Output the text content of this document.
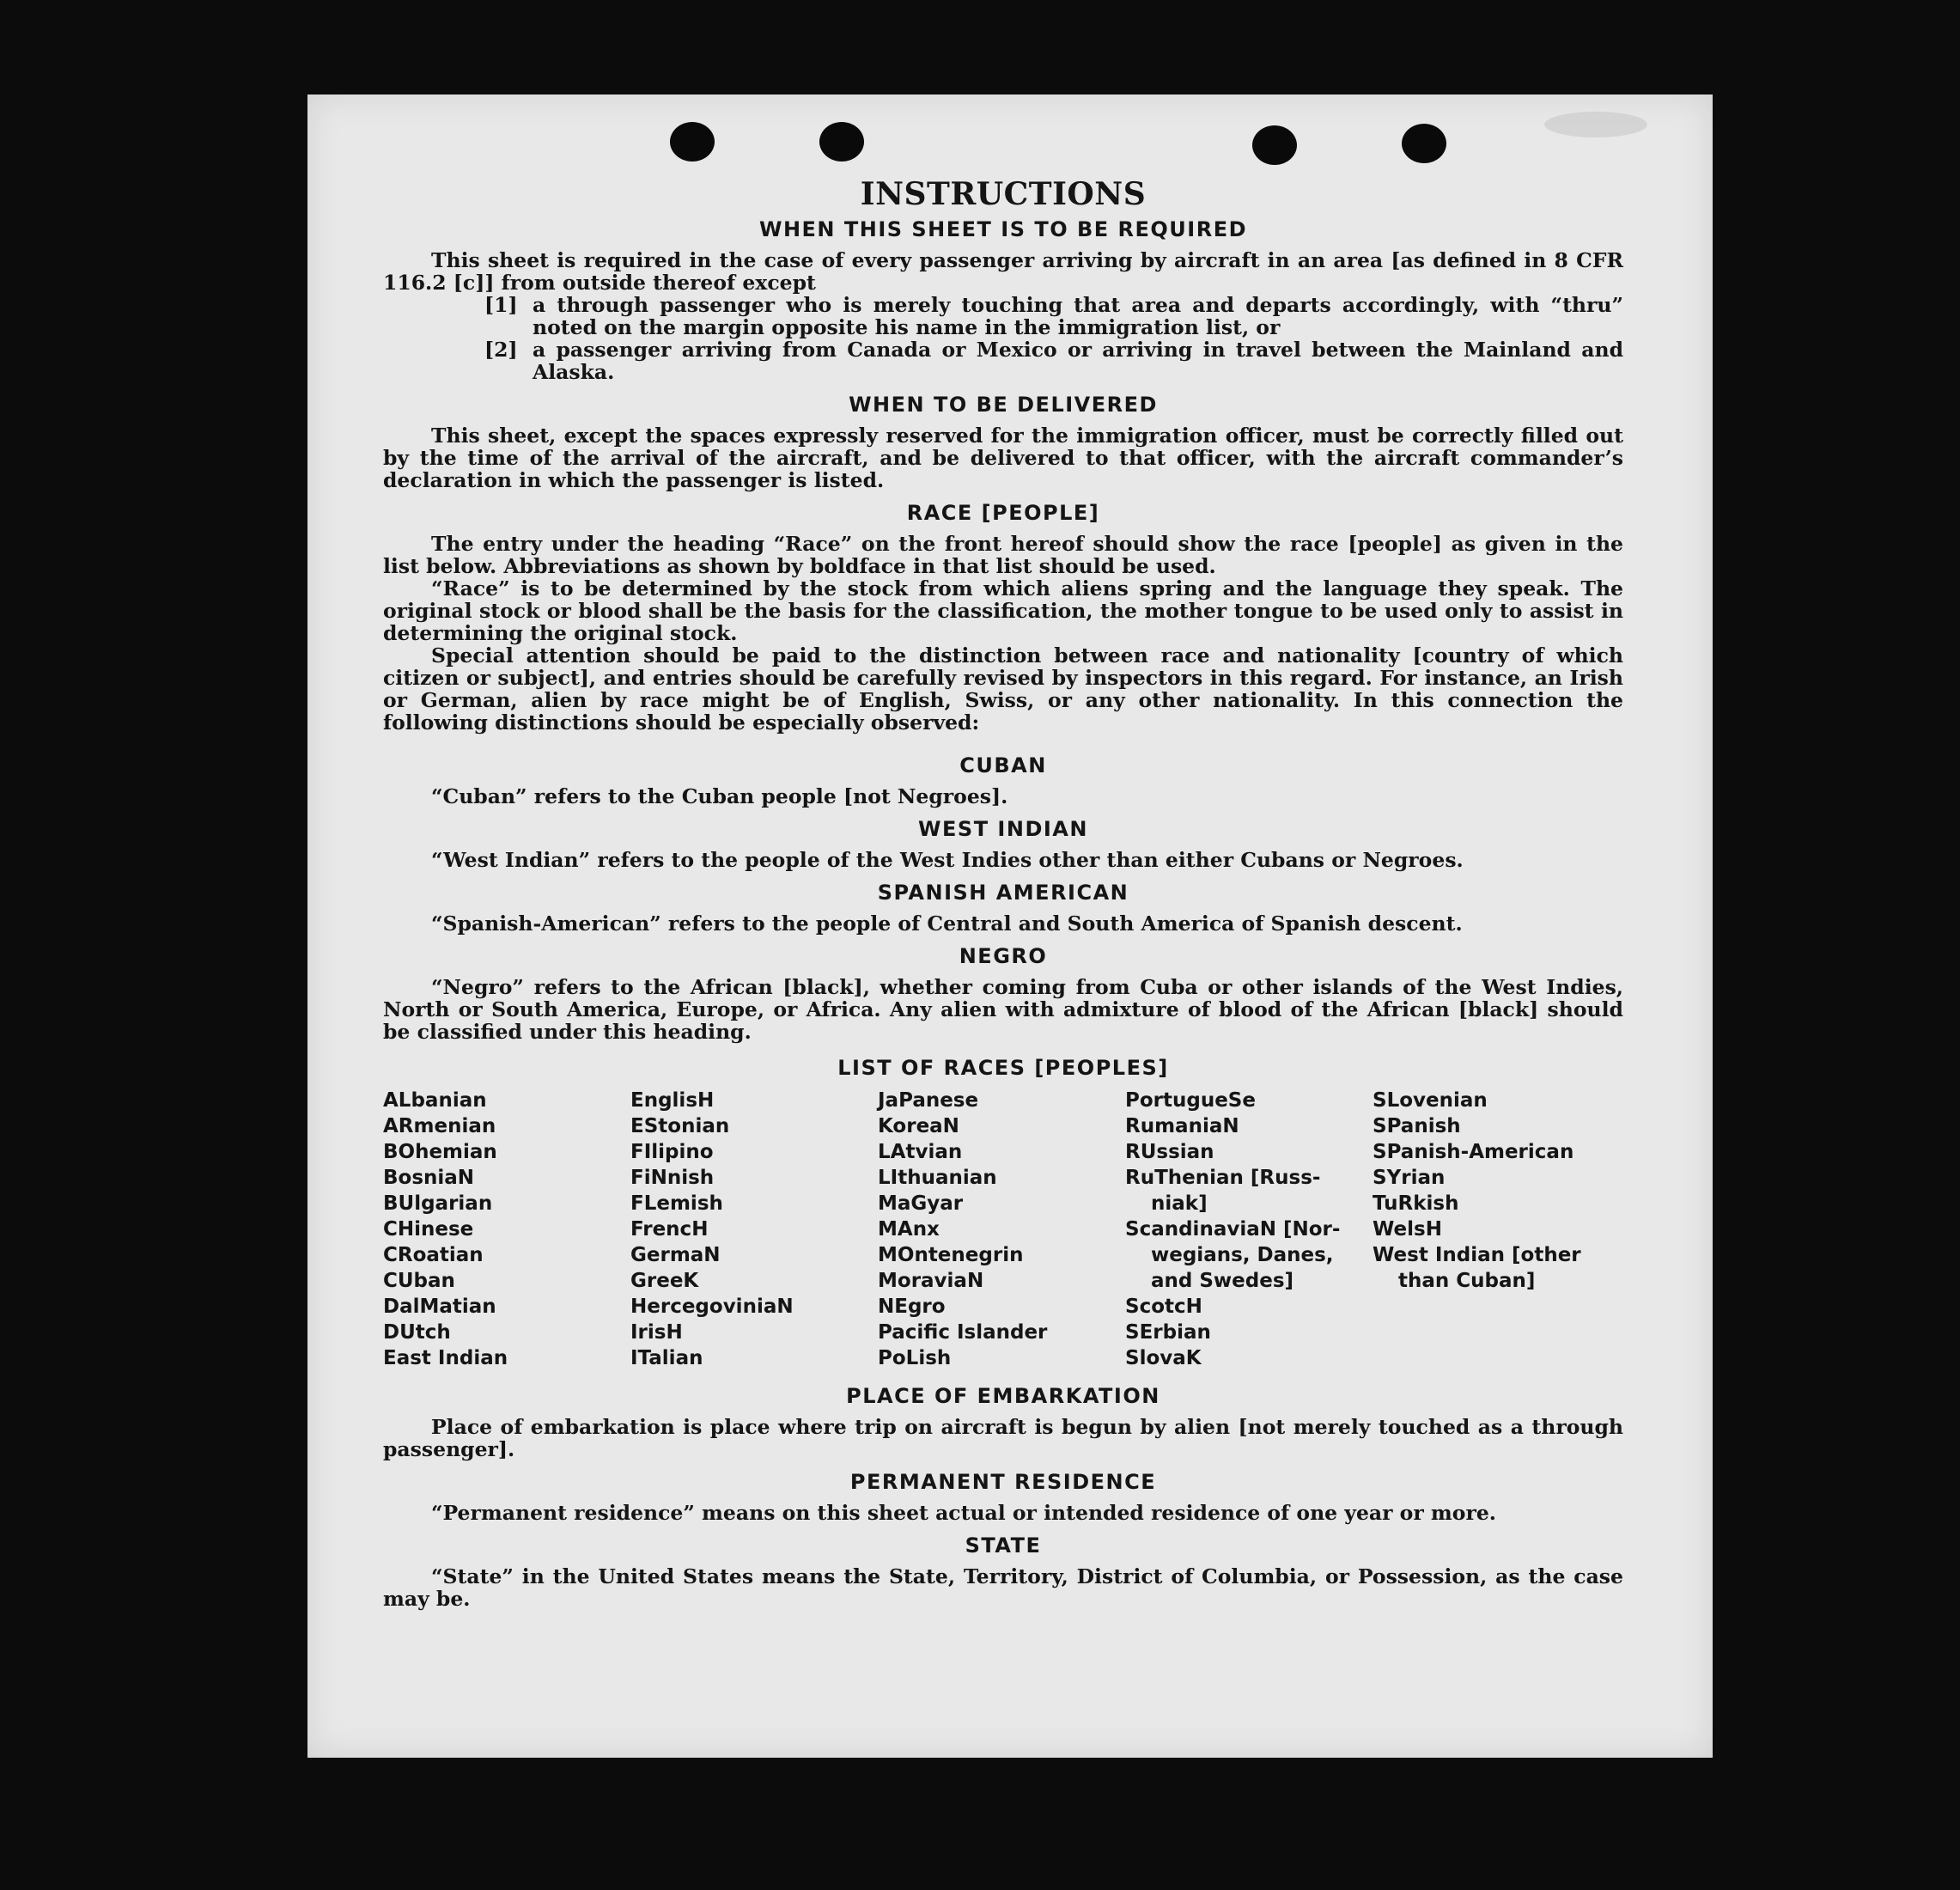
INSTRUCTIONS
WHEN THIS SHEET IS TO BE REQUIRED

This sheet is required in the case of every passenger arriving by aircraft in an area [as defined in 8 CFR 116.2 [c]] from outside thereof except

[1] a through passenger who is merely touching that area and departs accordingly, with “thru” noted on the margin opposite his name in the immigration list, or
[2] a passenger arriving from Canada or Mexico or arriving in travel between the Mainland and Alaska.
WHEN TO BE DELIVERED

This sheet, except the spaces expressly reserved for the immigration officer, must be correctly filled out by the time of the arrival of the aircraft, and be delivered to that officer, with the aircraft commander’s declaration in which the passenger is listed.

RACE [PEOPLE]

The entry under the heading “Race” on the front hereof should show the race [people] as given in the list below. Abbreviations as shown by boldface in that list should be used.

“Race” is to be determined by the stock from which aliens spring and the language they speak. The original stock or blood shall be the basis for the classification, the mother tongue to be used only to assist in determining the original stock.

Special attention should be paid to the distinction between race and nationality [country of which citizen or subject], and entries should be carefully revised by inspectors in this regard. For instance, an Irish or German, alien by race might be of English, Swiss, or any other nationality. In this connection the following distinctions should be especially observed:

CUBAN

“Cuban” refers to the Cuban people [not Negroes].

WEST INDIAN

“West Indian” refers to the people of the West Indies other than either Cubans or Negroes.

SPANISH AMERICAN

“Spanish-American” refers to the people of Central and South America of Spanish descent.

NEGRO

“Negro” refers to the African [black], whether coming from Cuba or other islands of the West Indies, North or South America, Europe, or Africa. Any alien with admixture of blood of the African [black] should be classified under this heading.

LIST OF RACES [PEOPLES]
ALbanian
ARmenian
BOhemian
BosniaN
BUlgarian
CHinese
CRoatian
CUban
DalMatian
DUtch
East Indian
EnglisH
EStonian
FIlipino
FiNnish
FLemish
FrencH
GermaN
GreeK
HercegoviniaN
IrisH
ITalian
JaPanese
KoreaN
LAtvian
LIthuanian
MaGyar
MAnx
MOntenegrin
MoraviaN
NEgro
Pacific Islander
PoLish
PortugueSe
RumaniaN
RUssian
RuThenian [Russ-
niak]
ScandinaviaN [Nor-
wegians, Danes,
and Swedes]
ScotcH
SErbian
SlovaK
SLovenian
SPanish
SPanish-American
SYrian
TuRkish
WelsH
West Indian [other
than Cuban]
PLACE OF EMBARKATION

Place of embarkation is place where trip on aircraft is begun by alien [not merely touched as a through passenger].

PERMANENT RESIDENCE

“Permanent residence” means on this sheet actual or intended residence of one year or more.

STATE

“State” in the United States means the State, Territory, District of Columbia, or Possession, as the case may be.
